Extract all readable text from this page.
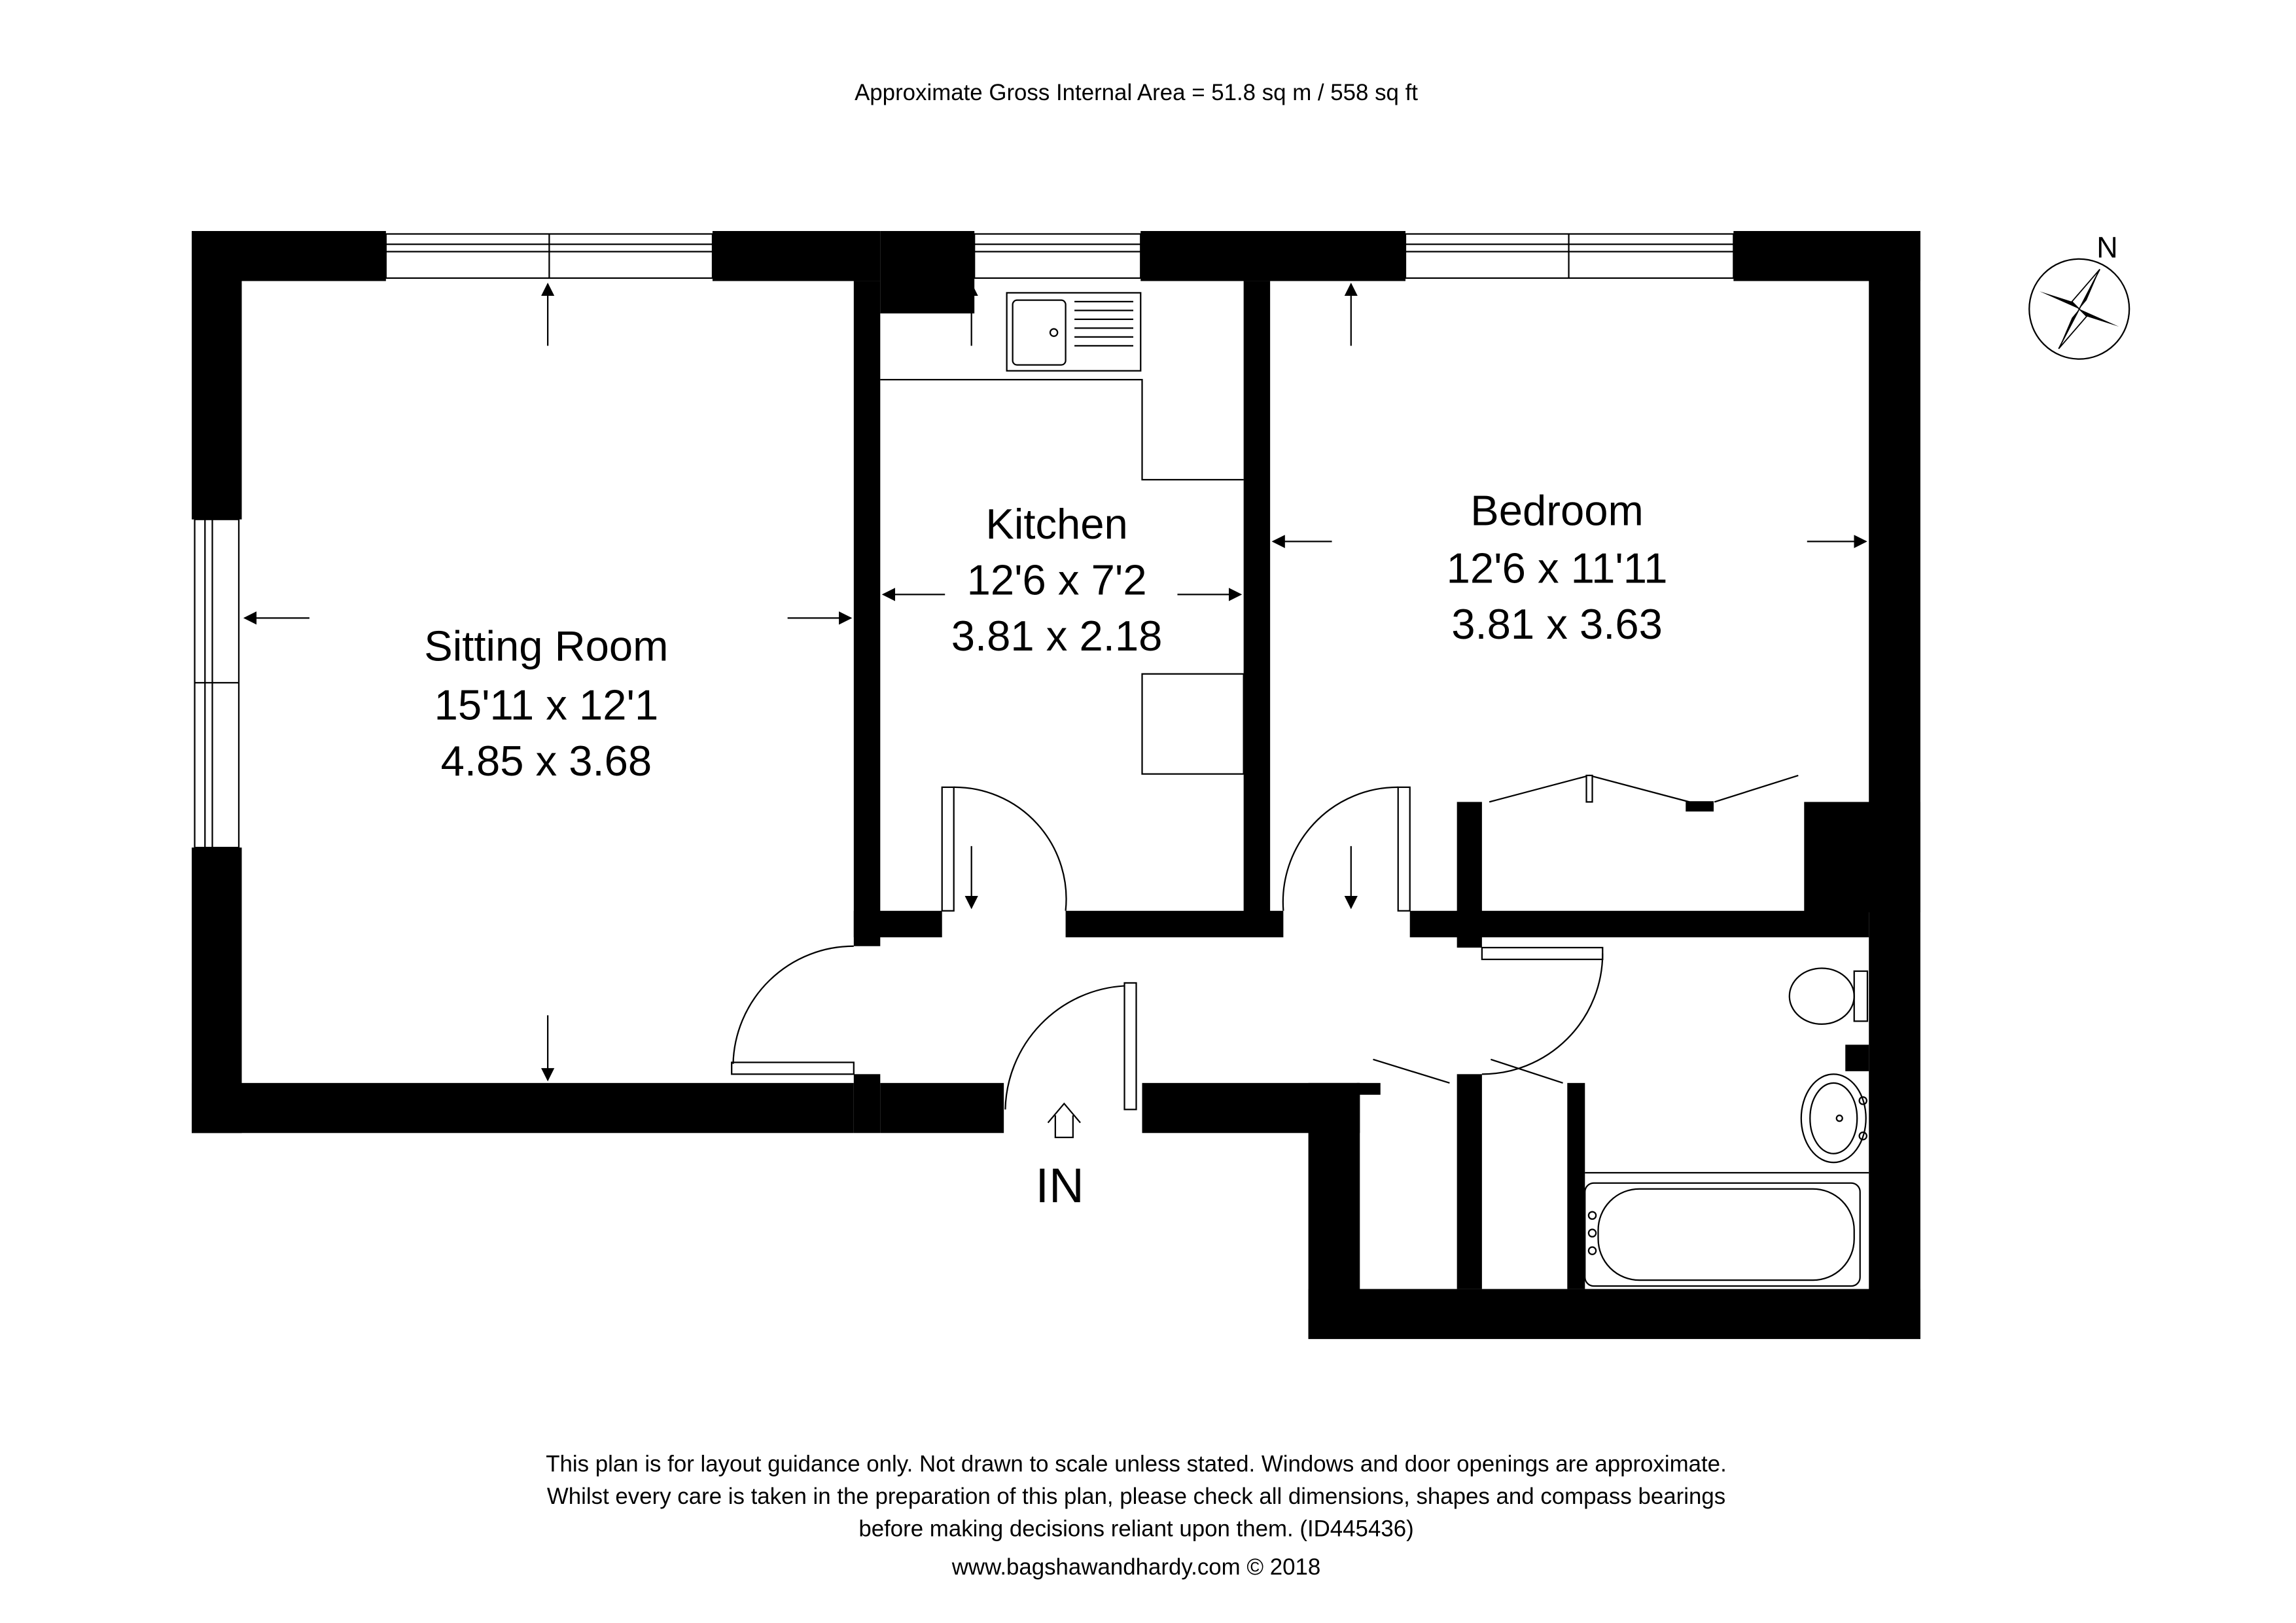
Approximate Gross Internal Area = 51.8 sq m / 558 sq ft
Sitting Room
15'11 x 12'1
4.85 x 3.68
Kitchen
12'6 x 7'2
3.81 x 2.18
Bedroom
12'6 x 11'11
3.81 x 3.63
IN
N
This plan is for layout guidance only. Not drawn to scale unless stated. Windows and door openings are approximate.
Whilst every care is taken in the preparation of this plan, please check all dimensions, shapes and compass bearings
before making decisions reliant upon them. (ID445436)
www.bagshawandhardy.com © 2018
